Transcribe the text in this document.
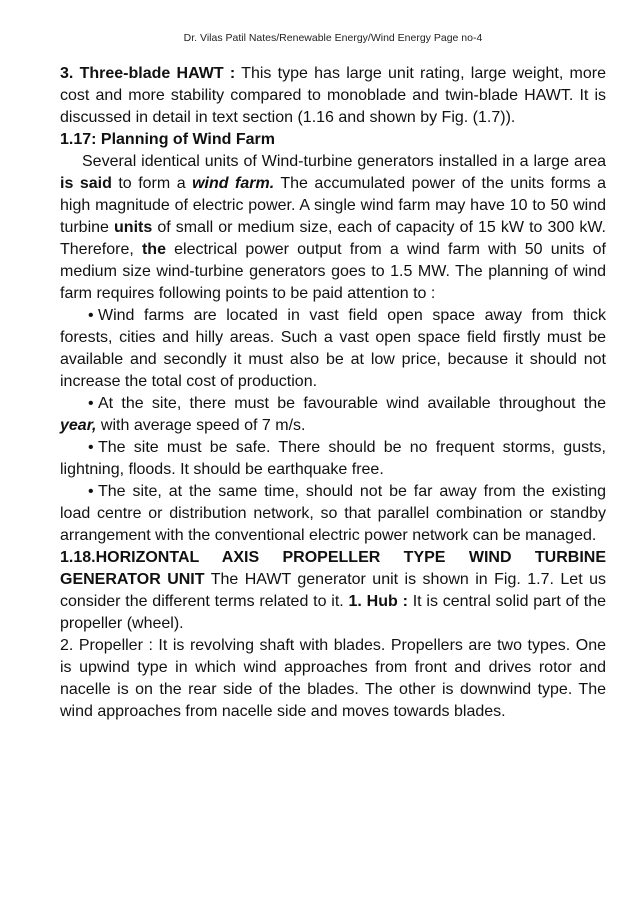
Dr. Vilas Patil Nates/Renewable Energy/Wind Energy Page no-4

3. Three-blade HAWT : This type has large unit rating, large weight, more cost and more stability compared to monoblade and twin-blade HAWT. It is discussed in detail in text section (1.16 and shown by Fig. (1.7)).

1.17: Planning of Wind Farm

Several identical units of Wind-turbine generators installed in a large area is said to form a wind farm. The accumulated power of the units forms a high magnitude of electric power. A single wind farm may have 10 to 50 wind turbine units of small or medium size, each of capacity of 15 kW to 300 kW. Therefore, the electrical power output from a wind farm with 50 units of medium size wind-turbine generators goes to 1.5 MW. The planning of wind farm requires following points to be paid attention to :

• Wind farms are located in vast field open space away from thick forests, cities and hilly areas. Such a vast open space field firstly must be available and secondly it must also be at low price, because it should not increase the total cost of production.

• At the site, there must be favourable wind available throughout the year, with average speed of 7 m/s.

• The site must be safe. There should be no frequent storms, gusts, lightning, floods. It should be earthquake free.

• The site, at the same time, should not be far away from the existing load centre or distribution network, so that parallel combination or standby arrangement with the conventional electric power network can be managed.

1.18.HORIZONTAL AXIS PROPELLER TYPE WIND TURBINE

GENERATOR UNIT The HAWT generator unit is shown in Fig. 1.7. Let us consider the different terms related to it. 1. Hub : It is central solid part of the propeller (wheel).

2. Propeller : It is revolving shaft with blades. Propellers are two types. One is upwind type in which wind approaches from front and drives rotor and nacelle is on the rear side of the blades. The other is downwind type. The wind approaches from nacelle side and moves towards blades.
